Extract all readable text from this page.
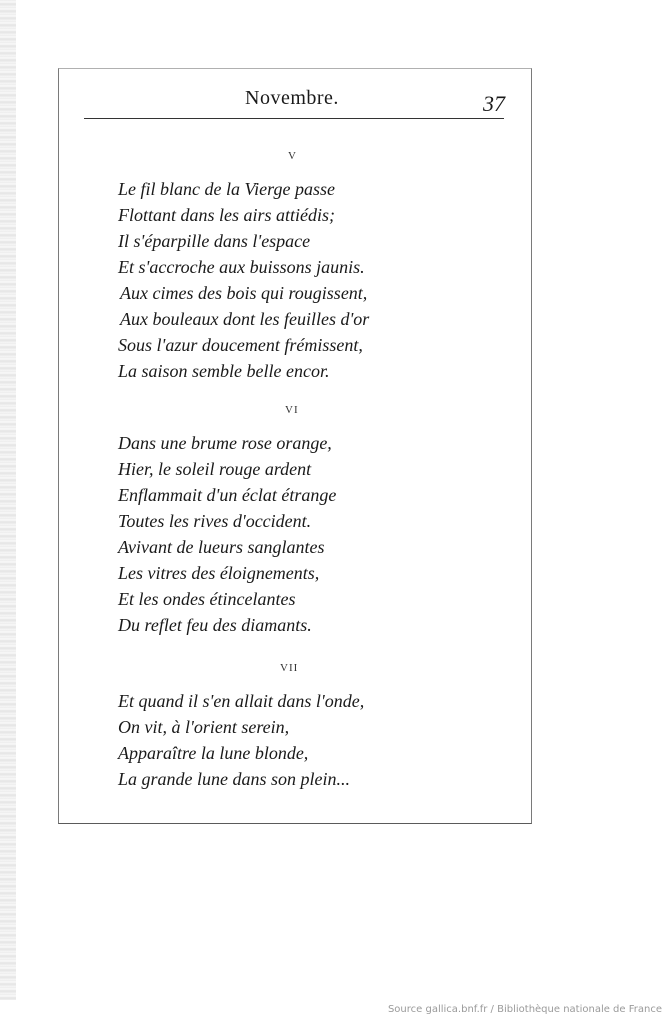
Novembre.	37
V
Le fil blanc de la Vierge passe
Flottant dans les airs attiédis;
Il s'éparpille dans l'espace
Et s'accroche aux buissons jaunis.
Aux cimes des bois qui rougissent,
Aux bouleaux dont les feuilles d'or
Sous l'azur doucement frémissent,
La saison semble belle encor.
VI
Dans une brume rose orange,
Hier, le soleil rouge ardent
Enflammait d'un éclat étrange
Toutes les rives d'occident.
Avivant de lueurs sanglantes
Les vitres des éloignements,
Et les ondes étincelantes
Du reflet feu des diamants.
VII
Et quand il s'en allait dans l'onde,
On vit, à l'orient serein,
Apparaître la lune blonde,
La grande lune dans son plein...
Source gallica.bnf.fr / Bibliothèque nationale de France
